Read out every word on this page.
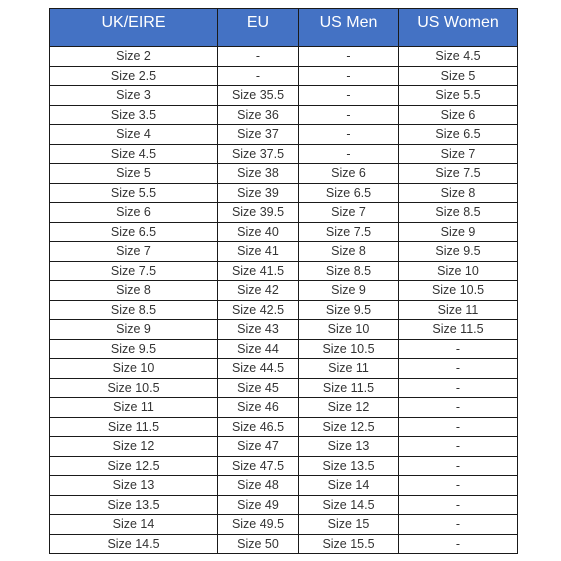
UK/EIRE	EU	US Men	US Women
Size 2	-	-	Size 4.5
Size 2.5	-	-	Size 5
Size 3	Size 35.5	-	Size 5.5
Size 3.5	Size 36	-	Size 6
Size 4	Size 37	-	Size 6.5
Size 4.5	Size 37.5	-	Size 7
Size 5	Size 38	Size 6	Size 7.5
Size 5.5	Size 39	Size 6.5	Size 8
Size 6	Size 39.5	Size 7	Size 8.5
Size 6.5	Size 40	Size 7.5	Size 9
Size 7	Size 41	Size 8	Size 9.5
Size 7.5	Size 41.5	Size 8.5	Size 10
Size 8	Size 42	Size 9	Size 10.5
Size 8.5	Size 42.5	Size 9.5	Size 11
Size 9	Size 43	Size 10	Size 11.5
Size 9.5	Size 44	Size 10.5	-
Size 10	Size 44.5	Size 11	-
Size 10.5	Size 45	Size 11.5	-
Size 11	Size 46	Size 12	-
Size 11.5	Size 46.5	Size 12.5	-
Size 12	Size 47	Size 13	-
Size 12.5	Size 47.5	Size 13.5	-
Size 13	Size 48	Size 14	-
Size 13.5	Size 49	Size 14.5	-
Size 14	Size 49.5	Size 15	-
Size 14.5	Size 50	Size 15.5	-
